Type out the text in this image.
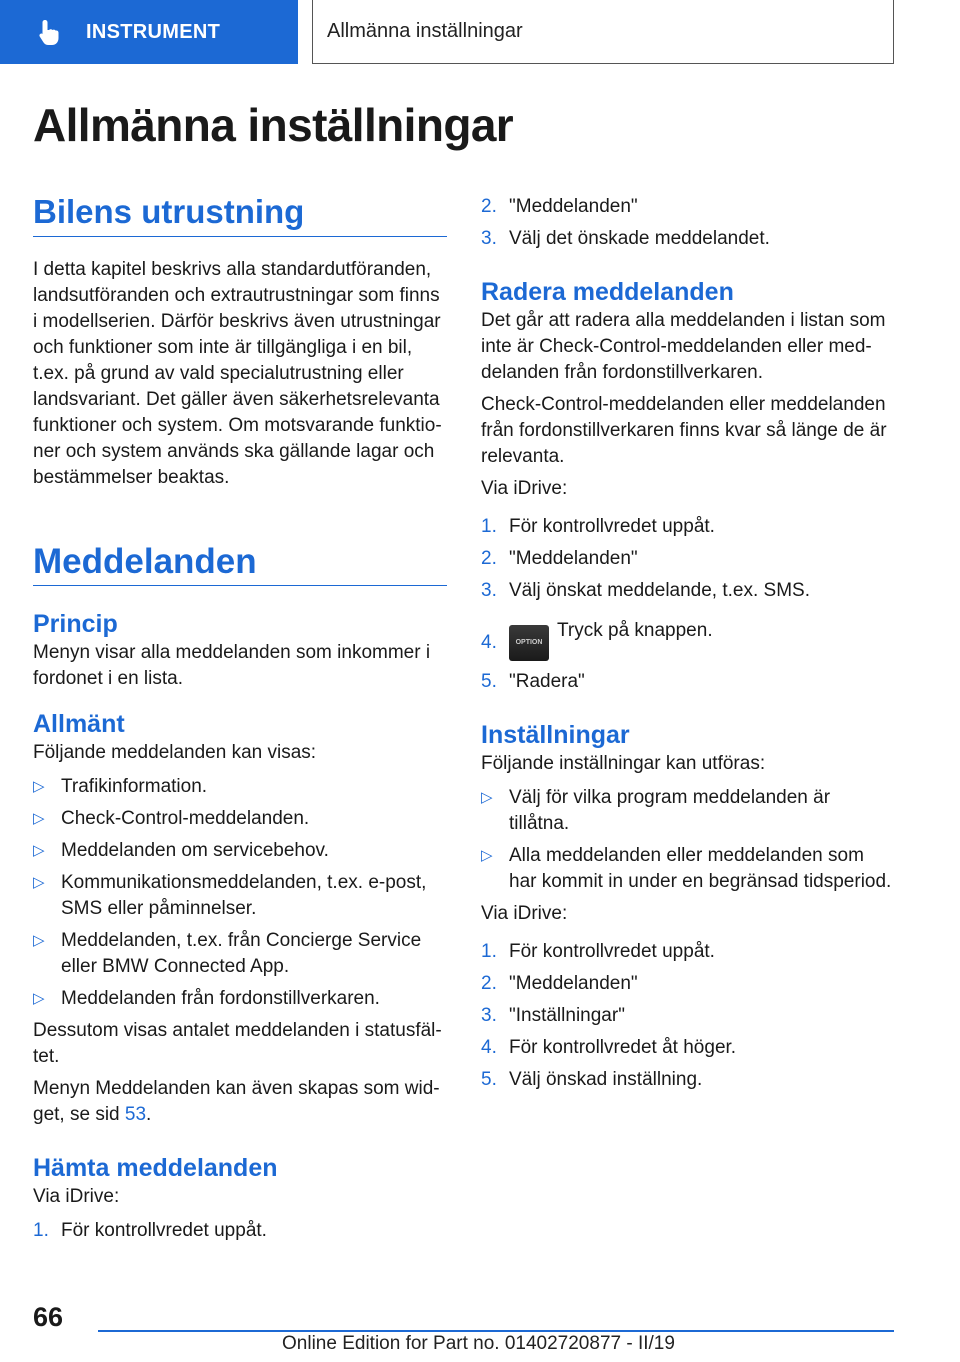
INSTRUMENT	Allmänna inställningar
Allmänna inställningar
Bilens utrustning

I detta kapitel beskrivs alla standardutföranden, landsutföranden och extrautrustningar som finns i modellserien. Därför beskrivs även utrustningar och funktioner som inte är tillgängliga i en bil, t.ex. på grund av vald specialutrustning eller landsvariant. Det gäller även säkerhetsrelevanta funktioner och system. Om motsvarande funktioner och system används ska gällande lagar och bestämmelser beaktas.

Meddelanden
Princip

Menyn visar alla meddelanden som inkommer i fordonet i en lista.

Allmänt

Följande meddelanden kan visas:

▷ Trafikinformation.
▷ Check-Control-meddelanden.
▷ Meddelanden om servicebehov.
▷ Kommunikationsmeddelanden, t.ex. e-post, SMS eller påminnelser.
▷ Meddelanden, t.ex. från Concierge Service eller BMW Connected App.
▷ Meddelanden från fordonstillverkaren.

Dessutom visas antalet meddelanden i statusfältet.

Menyn Meddelanden kan även skapas som widget, se sid 53.

Hämta meddelanden

Via iDrive:

1. För kontrollvredet uppåt.
2. "Meddelanden"
3. Välj det önskade meddelandet.
Radera meddelanden

Det går att radera alla meddelanden i listan som inte är Check-Control-meddelanden eller meddelanden från fordonstillverkaren.

Check-Control-meddelanden eller meddelanden från fordonstillverkaren finns kvar så länge de är relevanta.

Via iDrive:

1. För kontrollvredet uppåt.
2. "Meddelanden"
3. Välj önskat meddelande, t.ex. SMS.
4.	OPTIONTryck på knappen.
5. "Radera"
Inställningar

Följande inställningar kan utföras:

▷ Välj för vilka program meddelanden är tillåtna.
▷ Alla meddelanden eller meddelanden som har kommit in under en begränsad tidsperiod.

Via iDrive:

1. För kontrollvredet uppåt.
2. "Meddelanden"
3. "Inställningar"
4. För kontrollvredet åt höger.
5. Välj önskad inställning.
66
Online Edition for Part no. 01402720877 - II/19
